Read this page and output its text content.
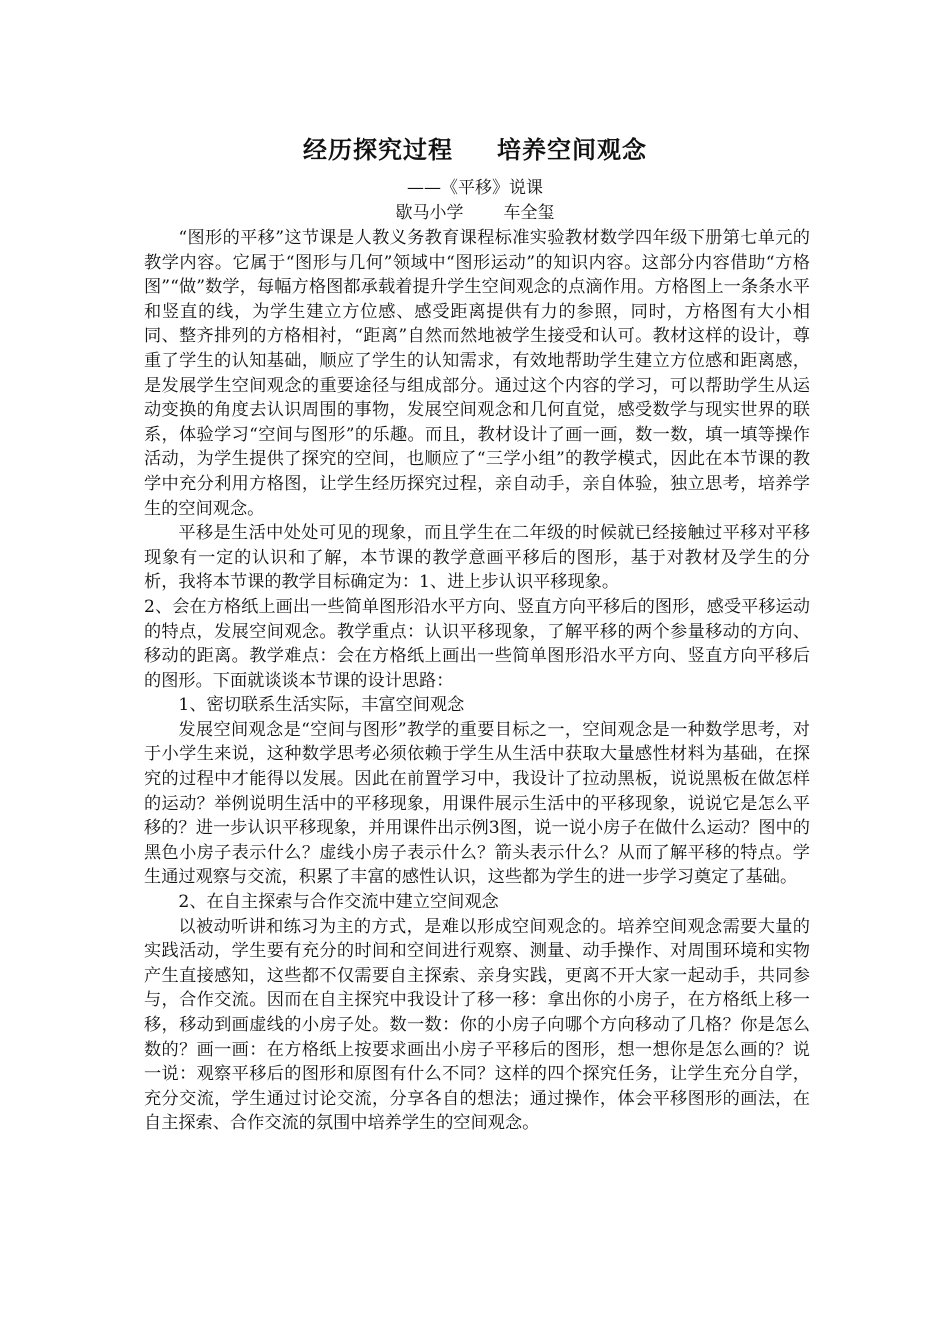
经历探究过程 培养空间观念
——《平移》说课
歇马小学 车全玺

“图形的平移”这节课是人教义务教育课程标准实验教材数学四年级下册第七单元的教学内容。它属于“图形与几何”领域中“图形运动”的知识内容。这部分内容借助“方格图”“做”数学，每幅方格图都承载着提升学生空间观念的点滴作用。方格图上一条条水平和竖直的线，为学生建立方位感、感受距离提供有力的参照，同时，方格图有大小相同、整齐排列的方格相衬，“距离”自然而然地被学生接受和认可。教材这样的设计，尊重了学生的认知基础，顺应了学生的认知需求，有效地帮助学生建立方位感和距离感，是发展学生空间观念的重要途径与组成部分。通过这个内容的学习，可以帮助学生从运动变换的角度去认识周围的事物，发展空间观念和几何直觉，感受数学与现实世界的联系，体验学习“空间与图形”的乐趣。而且，教材设计了画一画，数一数，填一填等操作活动，为学生提供了探究的空间，也顺应了“三学小组”的教学模式，因此在本节课的教学中充分利用方格图，让学生经历探究过程，亲自动手，亲自体验，独立思考，培养学生的空间观念。

平移是生活中处处可见的现象，而且学生在二年级的时候就已经接触过平移对平移现象有一定的认识和了解，本节课的教学意画平移后的图形，基于对教材及学生的分析，我将本节课的教学目标确定为：1、进上步认识平移现象。

2、会在方格纸上画出一些简单图形沿水平方向、竖直方向平移后的图形，感受平移运动的特点，发展空间观念。教学重点：认识平移现象，了解平移的两个参量移动的方向、移动的距离。教学难点：会在方格纸上画出一些简单图形沿水平方向、竖直方向平移后的图形。下面就谈谈本节课的设计思路：

1、密切联系生活实际，丰富空间观念

发展空间观念是“空间与图形”教学的重要目标之一，空间观念是一种数学思考，对于小学生来说，这种数学思考必须依赖于学生从生活中获取大量感性材料为基础，在探究的过程中才能得以发展。因此在前置学习中，我设计了拉动黑板，说说黑板在做怎样的运动？举例说明生活中的平移现象，用课件展示生活中的平移现象，说说它是怎么平移的？进一步认识平移现象，并用课件出示例3图，说一说小房子在做什么运动？图中的黑色小房子表示什么？虚线小房子表示什么？箭头表示什么？从而了解平移的特点。学生通过观察与交流，积累了丰富的感性认识，这些都为学生的进一步学习奠定了基础。

2、在自主探索与合作交流中建立空间观念

以被动听讲和练习为主的方式，是难以形成空间观念的。培养空间观念需要大量的实践活动，学生要有充分的时间和空间进行观察、测量、动手操作、对周围环境和实物产生直接感知，这些都不仅需要自主探索、亲身实践，更离不开大家一起动手，共同参与，合作交流。因而在自主探究中我设计了移一移：拿出你的小房子，在方格纸上移一移，移动到画虚线的小房子处。数一数：你的小房子向哪个方向移动了几格？你是怎么数的？画一画：在方格纸上按要求画出小房子平移后的图形，想一想你是怎么画的？说一说：观察平移后的图形和原图有什么不同？这样的四个探究任务，让学生充分自学，充分交流，学生通过讨论交流，分享各自的想法；通过操作，体会平移图形的画法，在自主探索、合作交流的氛围中培养学生的空间观念。
